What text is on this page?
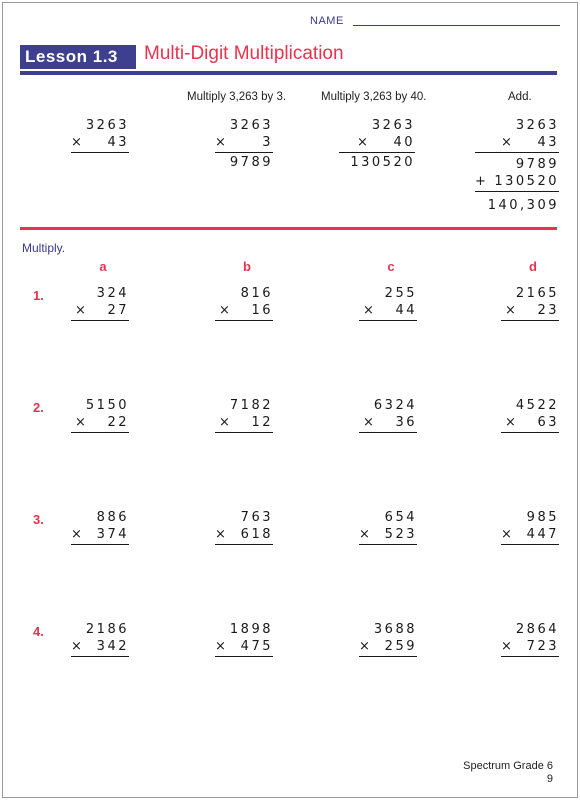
NAME
Lesson 1.3	Multi-Digit Multiplication
Multiply 3,263 by 3.	Multiply 3,263 by 40.	Add.
3263
× 43
3263
×	3
9789
3263
× 40
130520
3263
× 43
9789
+ 130520
140,309
Multiply.
a	b	c	d
1.	324
× 27
816
× 16
255
× 44
2165
× 23
2.	5150
× 22
7182
× 12
6324
× 36
4522
× 63
3.	886
× 374
763
× 618
654
× 523
985
× 447
4.	2186
× 342
1898
× 475
3688
× 259
2864
× 723
Spectrum Grade 6
9
